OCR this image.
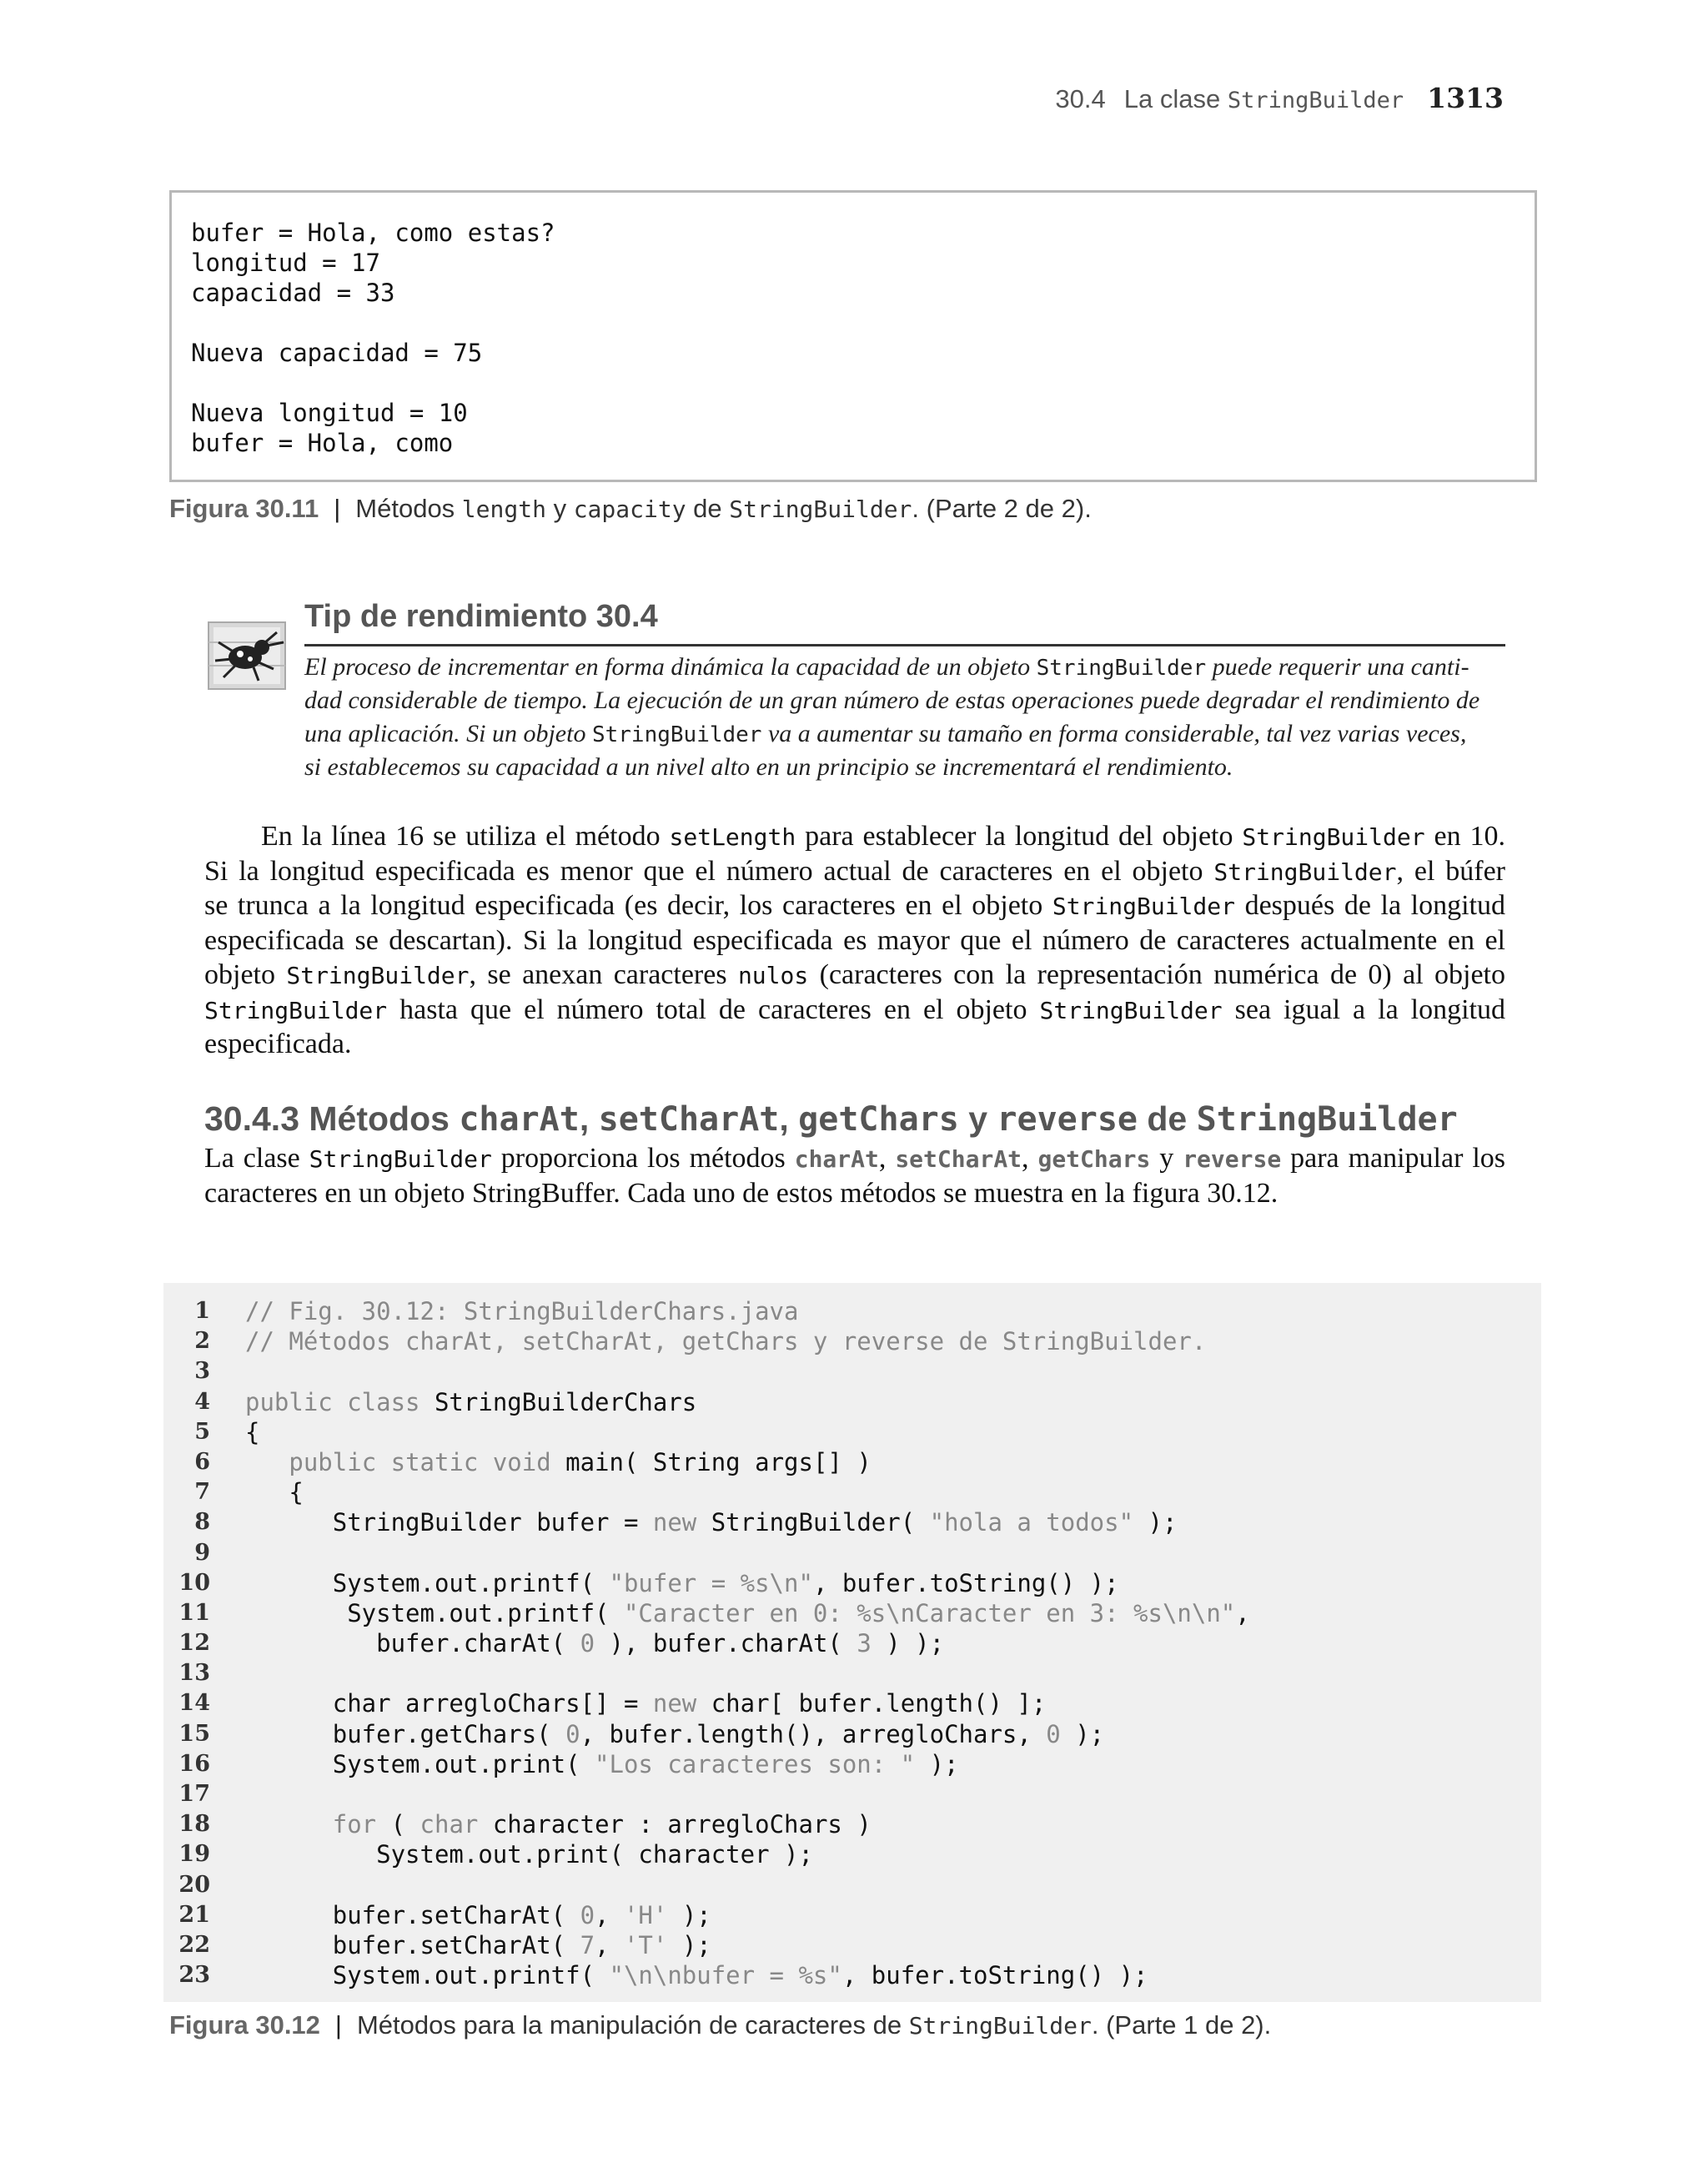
30.4 La clase StringBuilder 1313
bufer = Hola, como estas?
longitud = 17
capacidad = 33
Nueva capacidad = 75
Nueva longitud = 10
bufer = Hola, como
Figura 30.11 | Métodos length y capacity de StringBuilder. (Parte 2 de 2).
Tip de rendimiento 30.4
El proceso de incrementar en forma dinámica la capacidad de un objeto StringBuilder puede requerir una canti-
dad considerable de tiempo. La ejecución de un gran número de estas operaciones puede degradar el rendimiento de
una aplicación. Si un objeto StringBuilder va a aumentar su tamaño en forma considerable, tal vez varias veces,
si establecemos su capacidad a un nivel alto en un principio se incrementará el rendimiento.
En la línea 16 se utiliza el método setLength para establecer la longitud del objeto StringBuilder en 10.
Si la longitud especificada es menor que el número actual de caracteres en el objeto StringBuilder, el búfer
se trunca a la longitud especificada (es decir, los caracteres en el objeto StringBuilder después de la longitud
especificada se descartan). Si la longitud especificada es mayor que el número de caracteres actualmente en el
objeto StringBuilder, se anexan caracteres nulos (caracteres con la representación numérica de 0) al objeto
StringBuilder hasta que el número total de caracteres en el objeto StringBuilder sea igual a la longitud
especificada.
30.4.3 Métodos charAt, setCharAt, getChars y reverse de StringBuilder
La clase StringBuilder proporciona los métodos charAt, setCharAt, getChars y reverse para manipular los
caracteres en un objeto StringBuffer. Cada uno de estos métodos se muestra en la figura 30.12.
1 // Fig. 30.12: StringBuilderChars.java
2 // Métodos charAt, setCharAt, getChars y reverse de StringBuilder.
3
4 public class StringBuilderChars
5 {
6	public static void main( String args[] )
7 {
8 StringBuilder bufer = new StringBuilder( "hola a todos" );
9
10 System.out.printf( "bufer = %s\n", bufer.toString() );
11 System.out.printf( "Caracter en 0: %s\nCaracter en 3: %s\n\n",
12 bufer.charAt( 0 ), bufer.charAt( 3 ) );
13
14 char arregloChars[] = new char[ bufer.length() ];
15 bufer.getChars( 0, bufer.length(), arregloChars, 0 );
16 System.out.print( "Los caracteres son: " );
17
18	for ( char character : arregloChars )
19 System.out.print( character );
20
21 bufer.setCharAt( 0, 'H' );
22 bufer.setCharAt( 7, 'T' );
23 System.out.printf( "\n\nbufer = %s", bufer.toString() );
Figura 30.12 | Métodos para la manipulación de caracteres de StringBuilder. (Parte 1 de 2).
